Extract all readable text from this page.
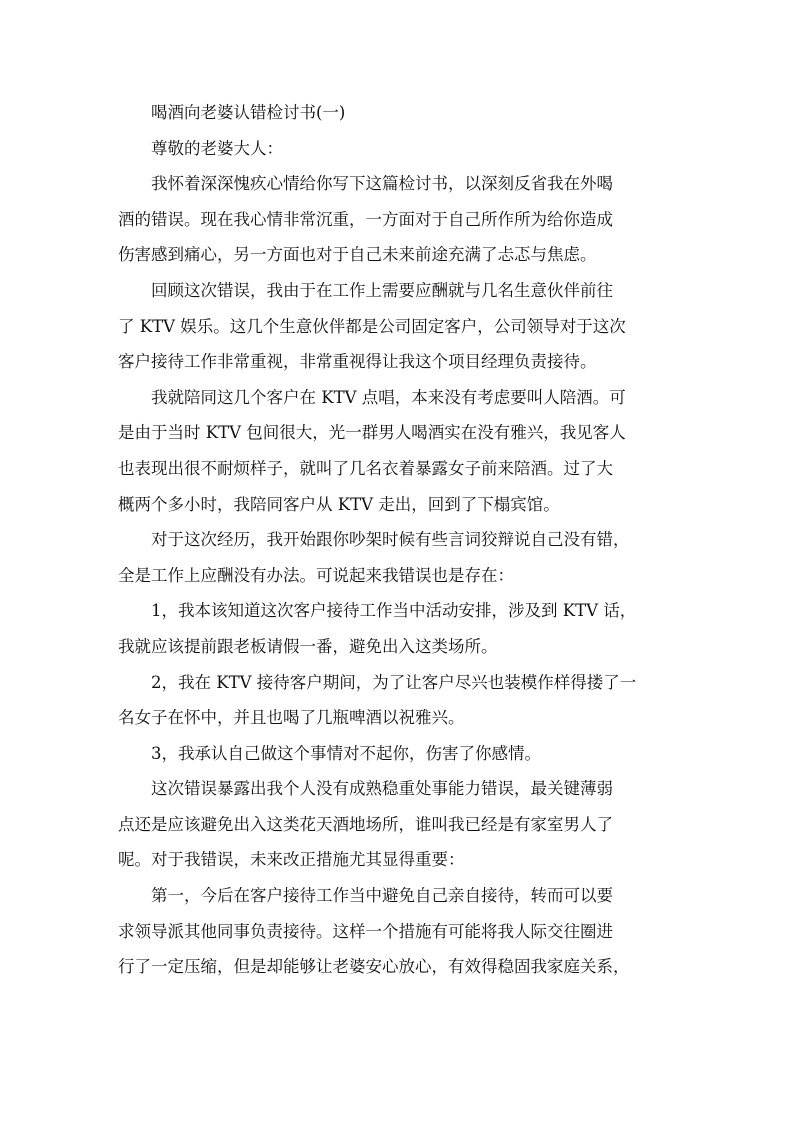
喝酒向老婆认错检讨书(一)
尊敬的老婆大人：
我怀着深深愧疚心情给你写下这篇检讨书，以深刻反省我在外喝
酒的错误。现在我心情非常沉重，一方面对于自己所作所为给你造成
伤害感到痛心，另一方面也对于自己未来前途充满了忐忑与焦虑。
回顾这次错误，我由于在工作上需要应酬就与几名生意伙伴前往
了 KTV 娱乐。这几个生意伙伴都是公司固定客户，公司领导对于这次
客户接待工作非常重视，非常重视得让我这个项目经理负责接待。
我就陪同这几个客户在 KTV 点唱，本来没有考虑要叫人陪酒。可
是由于当时 KTV 包间很大，光一群男人喝酒实在没有雅兴，我见客人
也表现出很不耐烦样子，就叫了几名衣着暴露女子前来陪酒。过了大
概两个多小时，我陪同客户从 KTV 走出，回到了下榻宾馆。
对于这次经历，我开始跟你吵架时候有些言词狡辩说自己没有错，
全是工作上应酬没有办法。可说起来我错误也是存在：
1，我本该知道这次客户接待工作当中活动安排，涉及到 KTV 话，
我就应该提前跟老板请假一番，避免出入这类场所。
2，我在 KTV 接待客户期间，为了让客户尽兴也装模作样得搂了一
名女子在怀中，并且也喝了几瓶啤酒以祝雅兴。
3，我承认自己做这个事情对不起你，伤害了你感情。
这次错误暴露出我个人没有成熟稳重处事能力错误，最关键薄弱
点还是应该避免出入这类花天酒地场所，谁叫我已经是有家室男人了
呢。对于我错误，未来改正措施尤其显得重要：
第一，今后在客户接待工作当中避免自己亲自接待，转而可以要
求领导派其他同事负责接待。这样一个措施有可能将我人际交往圈进
行了一定压缩，但是却能够让老婆安心放心，有效得稳固我家庭关系，
